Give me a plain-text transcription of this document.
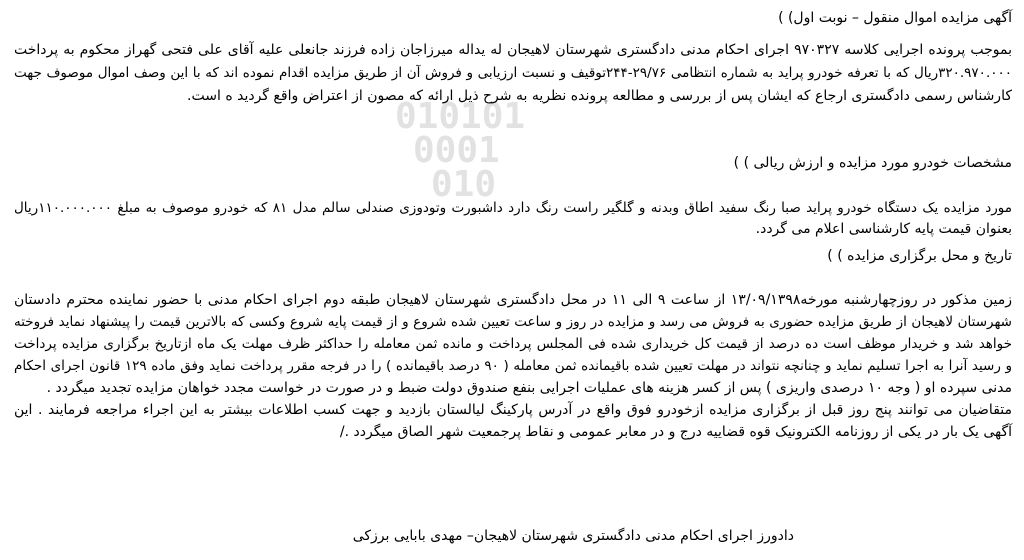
010101
0001
010
آگهی مزایده اموال منقول – نوبت اول) )
بموجب پرونده اجرایی کلاسه ۹۷۰۳۲۷ اجرای احکام مدنی دادگستری شهرستان لاهیجان له یداله میرزاجان زاده فرزند جانعلی علیه آقای علی فتحی گهراز محکوم به پرداخت
۳۲۰.۹۷۰.۰۰۰ریال که با تعرفه خودرو پراید به شماره انتظامی ۲۹/۷۶-۲۴۴توقیف و نسبت ارزیابی و فروش آن از طریق مزایده اقدام نموده اند که با این وصف اموال موصوف جهت
کارشناس رسمی دادگستری ارجاع که ایشان پس از بررسی و مطالعه پرونده نظریه به شرح ذیل ارائه که مصون از اعتراض واقع گردید ه است.
مشخصات خودرو مورد مزایده و ارزش ریالی ) )
مورد مزایده یک دستگاه خودرو پراید صبا رنگ سفید اطاق وبدنه و گلگیر راست رنگ دارد داشبورت وتودوزی صندلی سالم مدل ۸۱ که خودرو موصوف به مبلغ ۱۱۰.۰۰۰.۰۰۰ریال
بعنوان قیمت پایه کارشناسی اعلام می گردد.
تاریخ و محل برگزاری مزایده ) )
زمین مذکور در روزچهارشنبه مورخه۱۳/۰۹/۱۳۹۸ از ساعت ۹ الی ۱۱ در محل دادگستری شهرستان لاهیجان طبقه دوم اجرای احکام مدنی با حضور نماینده محترم دادستان
شهرستان لاهیجان از طریق مزایده حضوری به فروش می رسد و مزایده در روز و ساعت تعیین شده شروع و از قیمت پایه شروع وکسی که بالاترین قیمت را پیشنهاد نماید فروخته
خواهد شد و خریدار موظف است ده درصد از قیمت کل خریداری شده فی المجلس پرداخت و مانده ثمن معامله را حداکثر ظرف مهلت یک ماه ازتاریخ برگزاری مزایده پرداخت
و رسید آنرا به اجرا تسلیم نماید و چنانچه نتواند در مهلت تعیین شده باقیمانده ثمن معامله ( ۹۰ درصد باقیمانده ) را در فرجه مقرر پرداخت نماید وفق ماده ۱۲۹ قانون اجرای احکام
مدنی سپرده او ( وجه ۱۰ درصدی واریزی ) پس از کسر هزینه های عملیات اجرایی بنفع صندوق دولت ضبط و در صورت در خواست مجدد خواهان مزایده تجدید میگردد .
متقاضیان می توانند پنج روز قبل از برگزاری مزایده ازخودرو فوق واقع در آدرس پارکینگ لیالستان بازدید و جهت کسب اطلاعات بیشتر به این اجراء مراجعه فرمایند . این
آگهی یک بار در یکی از روزنامه الکترونیک قوه قضاییه درج و در معابر عمومی و نقاط پرجمعیت شهر الصاق میگردد ./
دادورز اجرای احکام مدنی دادگستری شهرستان لاهیجان– مهدی بابایی برزکی
